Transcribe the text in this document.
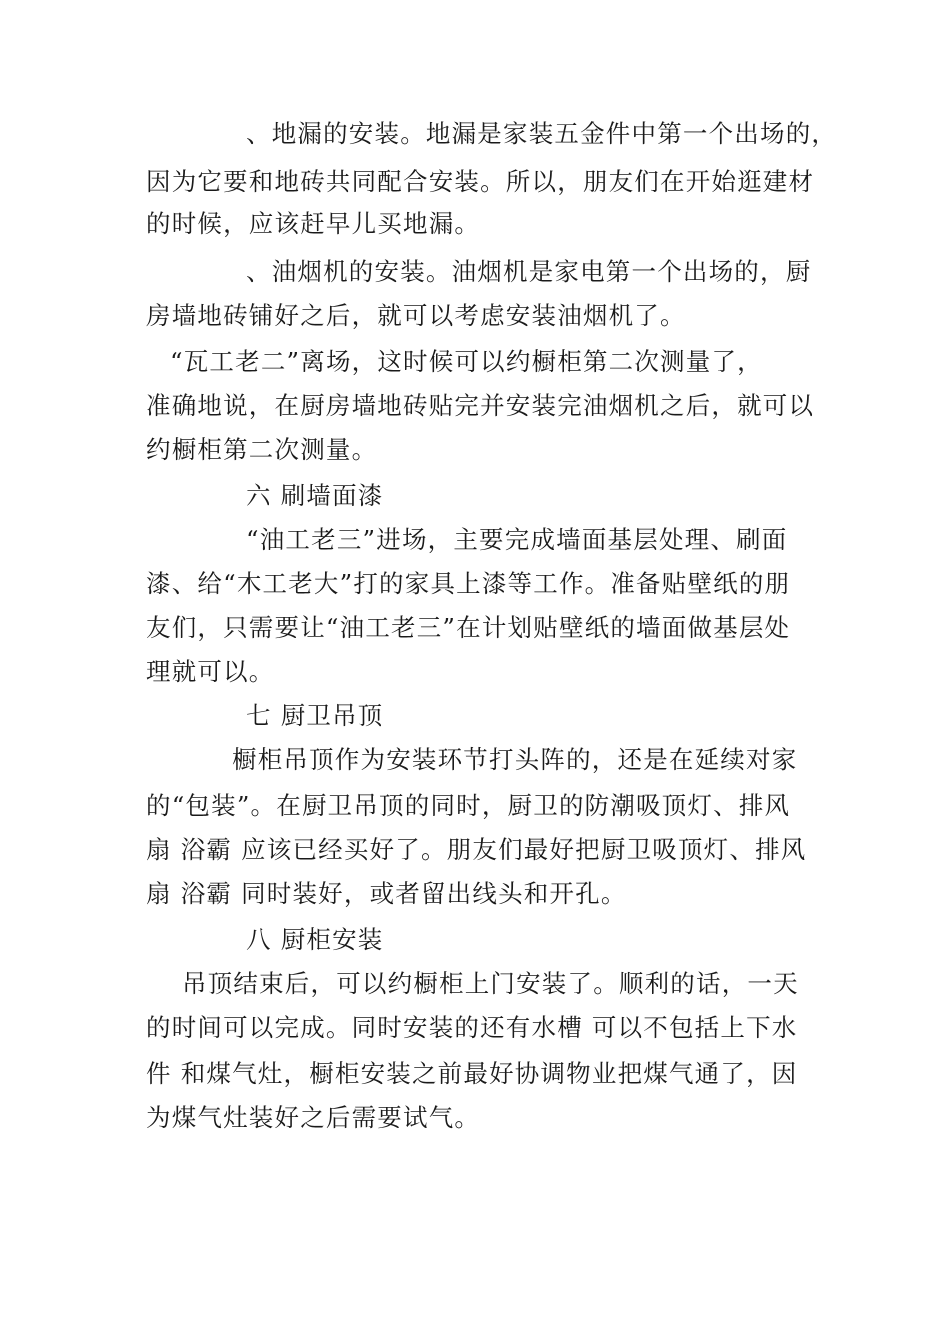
、地漏的安装。地漏是家装五金件中第一个出场的，
因为它要和地砖共同配合安装。所以，朋友们在开始逛建材
的时候，应该赶早儿买地漏。
、油烟机的安装。油烟机是家电第一个出场的，厨
房墙地砖铺好之后，就可以考虑安装油烟机了。
“瓦工老二”离场，这时候可以约橱柜第二次测量了，
准确地说，在厨房墙地砖贴完并安装完油烟机之后，就可以
约橱柜第二次测量。
六 刷墙面漆
“油工老三”进场，主要完成墙面基层处理、刷面
漆、给“木工老大”打的家具上漆等工作。准备贴壁纸的朋
友们，只需要让“油工老三”在计划贴壁纸的墙面做基层处
理就可以。
七 厨卫吊顶
橱柜吊顶作为安装环节打头阵的，还是在延续对家
的“包装”。在厨卫吊顶的同时，厨卫的防潮吸顶灯、排风
扇 浴霸 应该已经买好了。朋友们最好把厨卫吸顶灯、排风
扇 浴霸 同时装好，或者留出线头和开孔。
八 厨柜安装
吊顶结束后，可以约橱柜上门安装了。顺利的话，一天
的时间可以完成。同时安装的还有水槽 可以不包括上下水
件 和煤气灶，橱柜安装之前最好协调物业把煤气通了，因
为煤气灶装好之后需要试气。
